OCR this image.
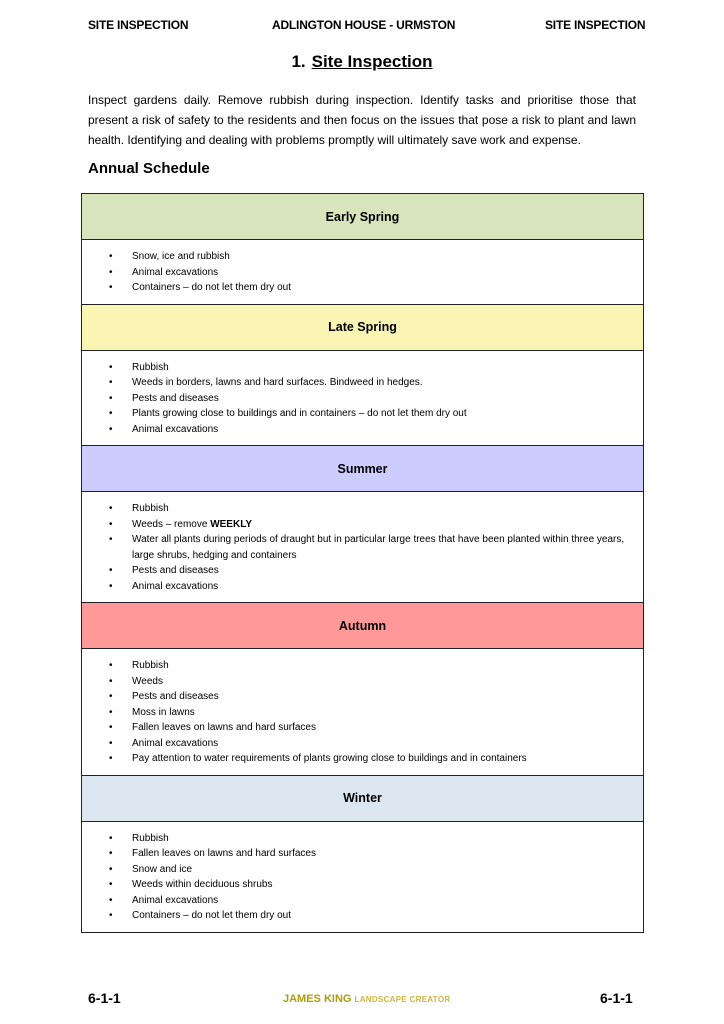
SITE INSPECTION	ADLINGTON HOUSE - URMSTON	SITE INSPECTION
1. Site Inspection
Inspect gardens daily. Remove rubbish during inspection. Identify tasks and prioritise those that present a risk of safety to the residents and then focus on the issues that pose a risk to plant and lawn health. Identifying and dealing with problems promptly will ultimately save work and expense.
Annual Schedule
Early Spring

• Snow, ice and rubbish
• Animal excavations
• Containers – do not let them dry out

Late Spring

• Rubbish
• Weeds in borders, lawns and hard surfaces. Bindweed in hedges.
• Pests and diseases
• Plants growing close to buildings and in containers – do not let them dry out
• Animal excavations

Summer

• Rubbish
• Weeds – remove WEEKLY
• Water all plants during periods of draught but in particular large trees that have been planted within three years, large shrubs, hedging and containers
• Pests and diseases
• Animal excavations

Autumn

• Rubbish
• Weeds
• Pests and diseases
• Moss in lawns
• Fallen leaves on lawns and hard surfaces
• Animal excavations
• Pay attention to water requirements of plants growing close to buildings and in containers

Winter

• Rubbish
• Fallen leaves on lawns and hard surfaces
• Snow and ice
• Weeds within deciduous shrubs
• Animal excavations
• Containers – do not let them dry out
6-1-1	JAMES KING LANDSCAPE CREATOR	6-1-1
